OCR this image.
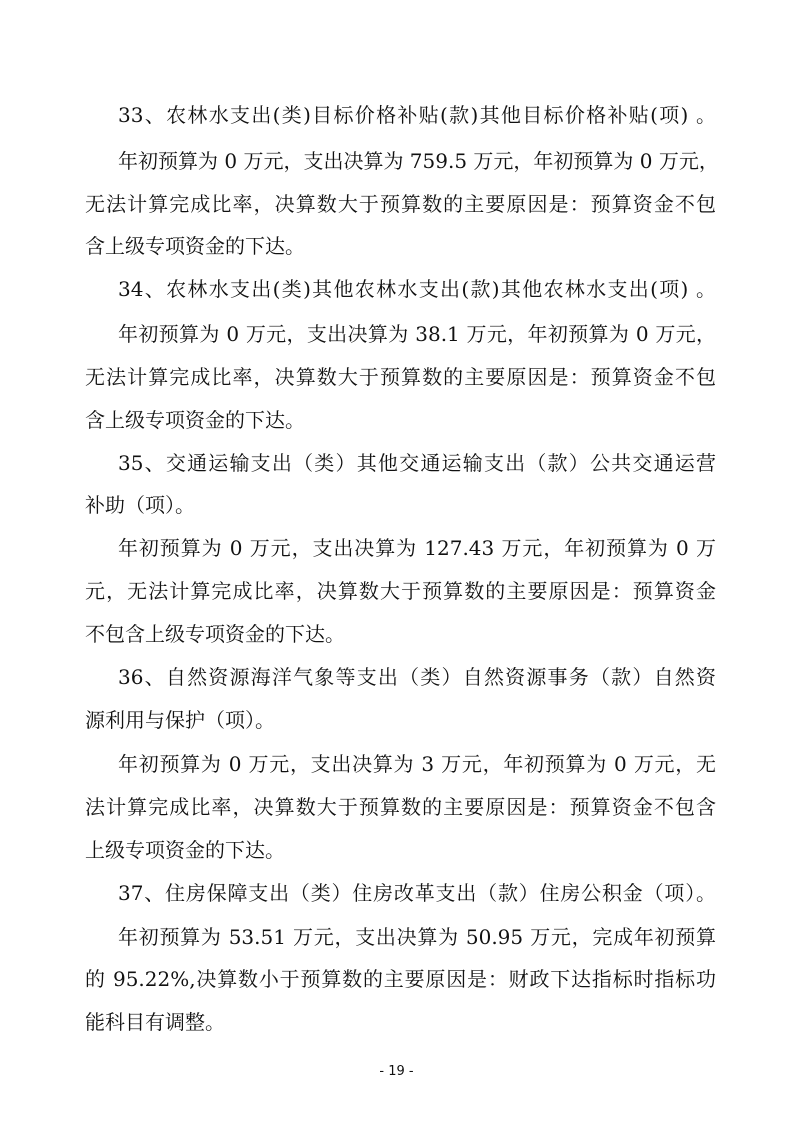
33、农林水支出(类)目标价格补贴(款)其他目标价格补贴(项) 。
年初预算为 0 万元，支出决算为 759.5 万元，年初预算为 0 万元，
无法计算完成比率，决算数大于预算数的主要原因是：预算资金不包
含上级专项资金的下达。
34、农林水支出(类)其他农林水支出(款)其他农林水支出(项) 。
年初预算为 0 万元，支出决算为 38.1 万元，年初预算为 0 万元，
无法计算完成比率，决算数大于预算数的主要原因是：预算资金不包
含上级专项资金的下达。
35、交通运输支出（类）其他交通运输支出（款）公共交通运营
补助（项）。
年初预算为 0 万元，支出决算为 127.43 万元，年初预算为 0 万
元，无法计算完成比率，决算数大于预算数的主要原因是：预算资金
不包含上级专项资金的下达。
36、自然资源海洋气象等支出（类）自然资源事务（款）自然资
源利用与保护（项）。
年初预算为 0 万元，支出决算为 3 万元，年初预算为 0 万元，无
法计算完成比率，决算数大于预算数的主要原因是：预算资金不包含
上级专项资金的下达。
37、住房保障支出（类）住房改革支出（款）住房公积金（项）。
年初预算为 53.51 万元，支出决算为 50.95 万元，完成年初预算
的 95.22%,决算数小于预算数的主要原因是：财政下达指标时指标功
能科目有调整。
- 19 -
